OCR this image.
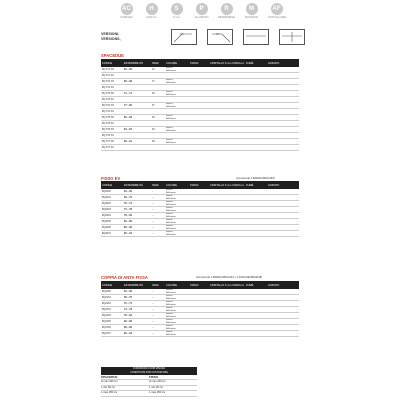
AC
ACRIFLEX
H
H200 cm
S
6 mm
P
ALLUMINIO
R
REVERSIBILE
M
MAGNETE
AF
ANTICALCARE
VERSIONI,
VERSIONS,
DX	SX
SPACEDUE
CODICE	ESTENSIBILITÀ	INGR.	COLORE	TARGF	CRISTALLO 6 mm CINCILLA	FUMÈ	ACIDATO
BQ 571 DX	62 ÷ 65	43	Bianco
Brillantato				

BQ 571 SX			

BQ 572 DX	66 ÷ 69	47	Bianco
Brillantato				

BQ 572 SX			

BQ 573 DX	71 ÷ 74	52	Bianco
Brillantato				

BQ 573 SX			

BQ 574 DX	77 ÷ 80	57	Bianco
Brillantato				

BQ 574 SX			

BQ 575 DX	80 ÷ 83	60	Bianco
Brillantato				

BQ 575 SX			

BQ 576 DX	84 ÷ 87	64	Bianco
Brillantato				

BQ 576 SX			

BQ 577 DX	89 ÷ 91	68	Bianco
Brillantato				

BQ 577 SX			

FISSO EV	(comprende 1 BARRA RBG14Z3)
CODICE	ESTENSIBILITÀ	INGR.	COLORE	TARGF	CRISTALLO 6 mm CINCILLA	FUMÈ	ACIDATO
BQ2000	62 ÷ 66	–	Bianco
Brillantato				

BQ2001	66 ÷ 70	–	Bianco
Brillantato				

BQ2002	70 ÷ 74	–	Bianco
Brillantato				

BQ2003	74 ÷ 78	–	Bianco
Brillantato				

BQ2004	78 ÷ 82	–	Bianco
Brillantato				

BQ2005	82 ÷ 86	–	Bianco
Brillantato				

BQ2006	86 ÷ 90	–	Bianco
Brillantato				

BQ2007	90 ÷ 94	–	Bianco
Brillantato				

COPPIA DI ANTA FISSA	(comprende 1 BARRA RBG14Z4 + 2 ZANCHE RBGW18)
CODICE	ESTENSIBILITÀ	INGR.	COLORE	TARGF	CRISTALLO 6 mm CINCILLA	FUMÈ	ACIDATO
BQ2150	62 ÷ 66	–	Bianco
Brillantato				

BQ2151	66 ÷ 70	–	Bianco
Brillantato				

BQ2152	70 ÷ 74	–	Bianco
Brillantato				

BQ2153	74 ÷ 78	–	Bianco
Brillantato				

BQ2154	78 ÷ 82	–	Bianco
Brillantato				

BQ2155	82 ÷ 86	–	Bianco
Brillantato				

BQ2156	86 ÷ 90	–	Bianco
Brillantato				

BQ2157	90 ÷ 94	–	Bianco
Brillantato				

CONDIZIONI FUORI MISURA
CONDITIONS FOR CUSTOM SIZE
SPACEDUE
H max 220 cm
L min 50 cm
L max 150 cm
FISSO
H max 220 cm
L min 20 cm
L max 150 cm
